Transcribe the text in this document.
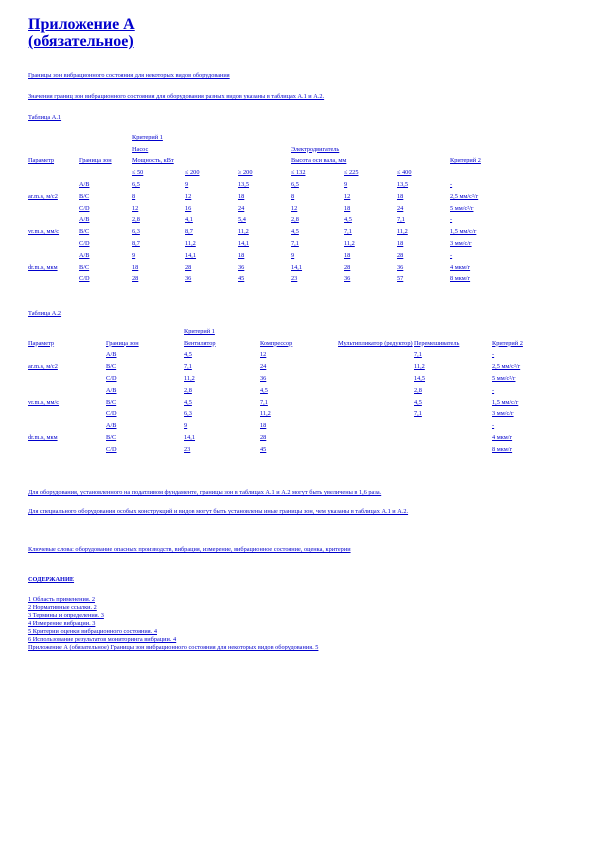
Приложение А
(обязательное)

Границы зон вибрационного состояния для некоторых видов оборудования

Значения границ зон вибрационного состояния для оборудования разных видов указаны в таблицах А.1 и А.2.

Таблица А.1

		Критерий 1						
Параметр	Граница зон	Насос			Электродвигатель			Критерий 2
		Мощность, кВт			Высота оси вала, мм			
		≤ 50	≤ 200	≥ 200	≤ 132	≤ 225	≤ 400	
	A/B	6,5	9	13,5	6,5	9	13,5	-
ar.m.s, м/с2	B/C	8	12	18	8	12	18	2,5 мм/с²/г
	C/D	12	16	24	12	18	24	5 мм/с²/г
	A/B	2,8	4,1	5,4	2,8	4,5	7,1	-
vr.m.s, мм/с	B/C	6,3	8,7	11,2	4,5	7,1	11,2	1,5 мм/с/г
	C/D	8,7	11,2	14,1	7,1	11,2	18	3 мм/с/г
	A/B	9	14,1	18	9	18	28	-
dr.m.s, мкм	B/C	18	28	36	14,1	28	36	4 мкм/г
	C/D	28	36	45	23	36	57	8 мкм/г

Таблица А.2

		Критерий 1				
Параметр	Граница зон	Вентилятор	Компрессор	Мультипликатор (редуктор)	Перемешиватель	Критерий 2
	A/B	4,5	12		7,1	-
ar.m.s, м/с2	B/C	7,1	24		11,2	2,5 мм/с²/г
	C/D	11,2	36		14,5	5 мм/с²/г
	A/B	2,8	4,5		2,8	-
vr.m.s, мм/с	B/C	4,5	7,1		4,5	1,5 мм/с/г
	C/D	6,3	11,2		7,1	3 мм/с/г
	A/B	9	18			-
dr.m.s, мкм	B/C	14,1	28			4 мкм/г
	C/D	23	45			8 мкм/г

Для оборудования, установленного на податливом фундаменте, границы зон в таблицах А.1 и А.2 могут быть увеличены в 1,6 раза.

Для специального оборудования особых конструкций и видов могут быть установлены иные границы зон, чем указаны в таблицах А.1 и А.2.

Ключевые слова: оборудование опасных производств, вибрация, измерение, вибрационное состояние, оценка, критерии

СОДЕРЖАНИЕ

1 Область применения. 2

2 Нормативные ссылки. 2

3 Термины и определения. 3

4 Измерение вибрации. 3

5 Критерии оценки вибрационного состояния. 4

6 Использование результатов мониторинга вибрации. 4

Приложение А (обязательное) Границы зон вибрационного состояния для некоторых видов оборудования. 5
